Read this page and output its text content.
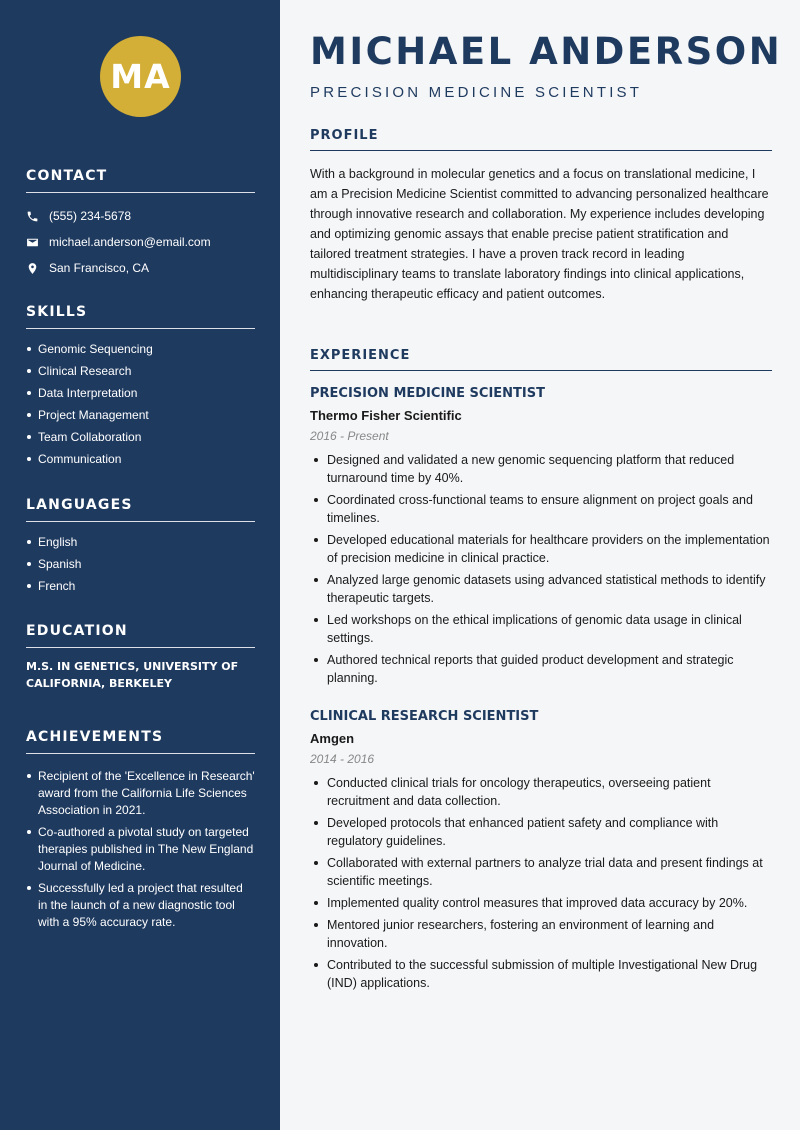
MA
CONTACT
(555) 234-5678
michael.anderson@email.com
San Francisco, CA
SKILLS
Genomic Sequencing
Clinical Research
Data Interpretation
Project Management
Team Collaboration
Communication
LANGUAGES
English
Spanish
French
EDUCATION
M.S. IN GENETICS, UNIVERSITY OF CALIFORNIA, BERKELEY
ACHIEVEMENTS
Recipient of the 'Excellence in Research' award from the California Life Sciences Association in 2021.
Co-authored a pivotal study on targeted therapies published in The New England Journal of Medicine.
Successfully led a project that resulted in the launch of a new diagnostic tool with a 95% accuracy rate.
MICHAEL ANDERSON
PRECISION MEDICINE SCIENTIST
PROFILE
With a background in molecular genetics and a focus on translational medicine, I am a Precision Medicine Scientist committed to advancing personalized healthcare through innovative research and collaboration. My experience includes developing and optimizing genomic assays that enable precise patient stratification and tailored treatment strategies. I have a proven track record in leading multidisciplinary teams to translate laboratory findings into clinical applications, enhancing therapeutic efficacy and patient outcomes.
EXPERIENCE
PRECISION MEDICINE SCIENTIST
Thermo Fisher Scientific
2016 - Present
Designed and validated a new genomic sequencing platform that reduced turnaround time by 40%.
Coordinated cross-functional teams to ensure alignment on project goals and timelines.
Developed educational materials for healthcare providers on the implementation of precision medicine in clinical practice.
Analyzed large genomic datasets using advanced statistical methods to identify therapeutic targets.
Led workshops on the ethical implications of genomic data usage in clinical settings.
Authored technical reports that guided product development and strategic planning.
CLINICAL RESEARCH SCIENTIST
Amgen
2014 - 2016
Conducted clinical trials for oncology therapeutics, overseeing patient recruitment and data collection.
Developed protocols that enhanced patient safety and compliance with regulatory guidelines.
Collaborated with external partners to analyze trial data and present findings at scientific meetings.
Implemented quality control measures that improved data accuracy by 20%.
Mentored junior researchers, fostering an environment of learning and innovation.
Contributed to the successful submission of multiple Investigational New Drug (IND) applications.
